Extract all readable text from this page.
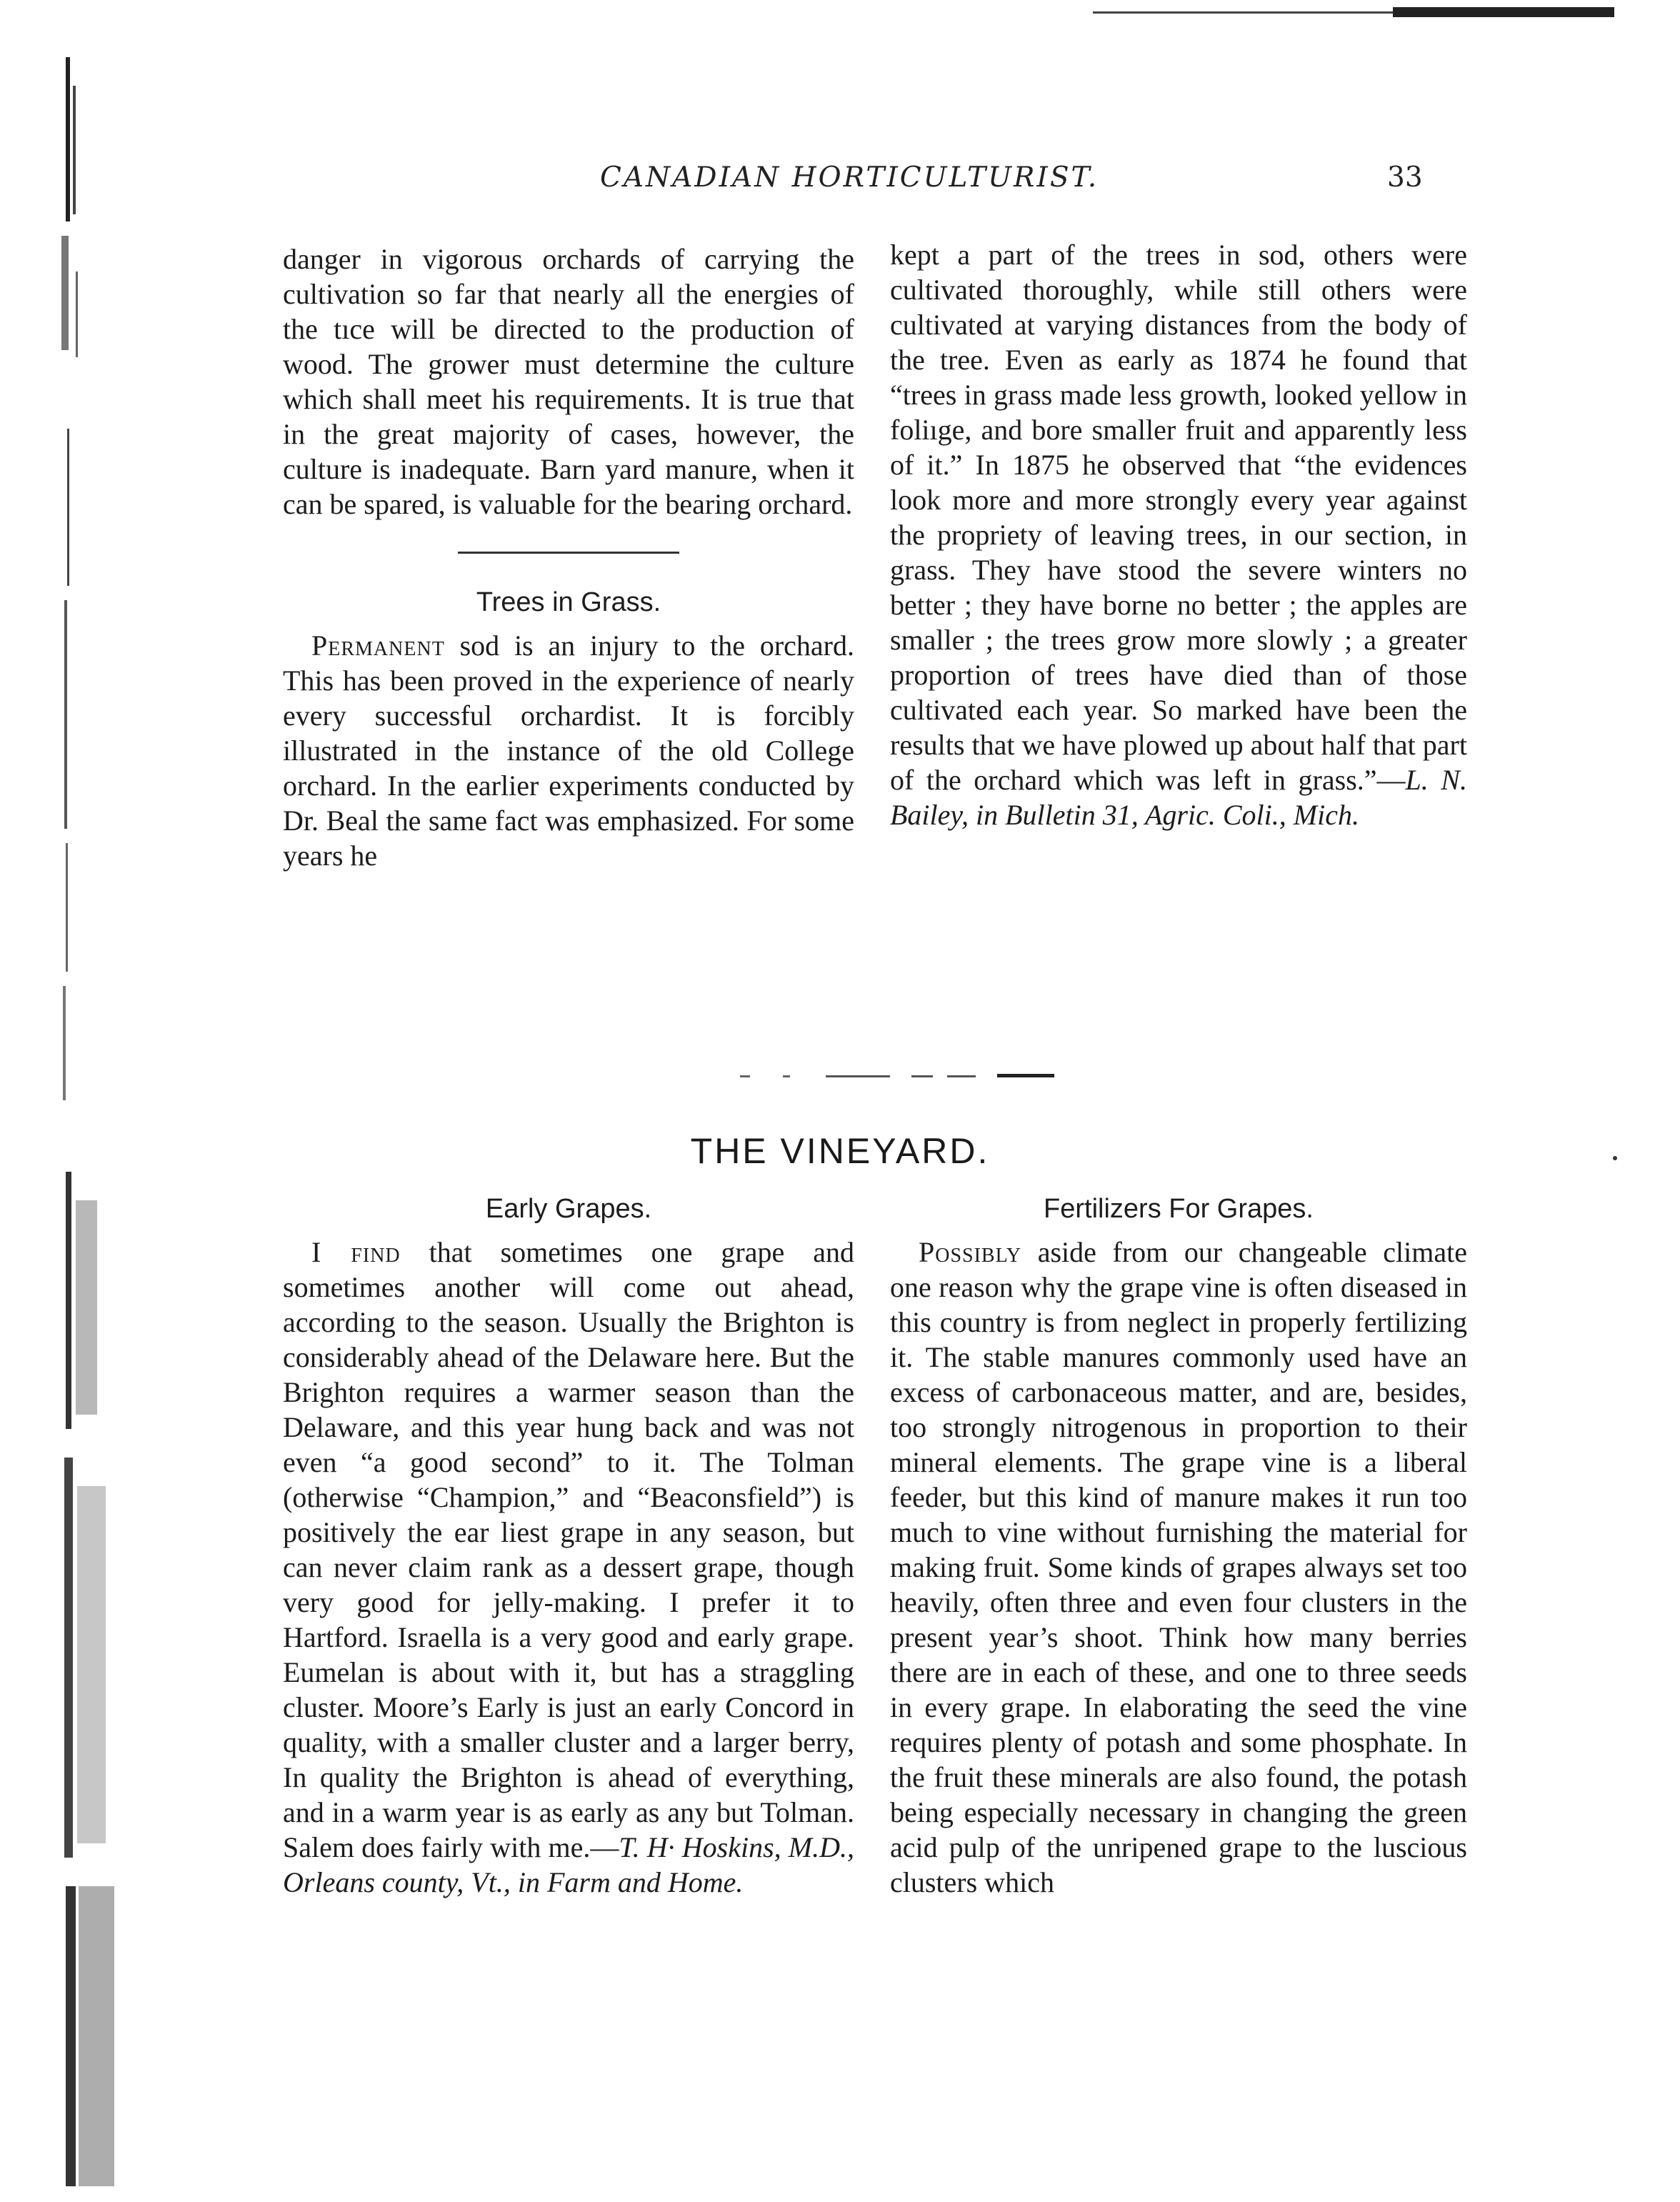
CANADIAN HORTICULTURIST.	33

danger in vigorous orchards of carrying the cultivation so far that nearly all the energies of the tıce will be directed to the production of wood. The grower must determine the culture which shall meet his requirements. It is true that in the great majority of cases, however, the culture is inadequate. Barn yard manure, when it can be spared, is valuable for the bearing orchard.

Trees in Grass.

Permanent sod is an injury to the orchard. This has been proved in the experience of nearly every successful orchardist. It is forcibly illustrated in the instance of the old College orchard. In the earlier experiments conducted by Dr. Beal the same fact was emphasized. For some years he

kept a part of the trees in sod, others were cultivated thoroughly, while still others were cultivated at varying distances from the body of the tree. Even as early as 1874 he found that “trees in grass made less growth, looked yellow in foliıge, and bore smaller fruit and apparently less of it.” In 1875 he observed that “the evidences look more and more strongly every year against the propriety of leaving trees, in our section, in grass. They have stood the severe winters no better ; they have borne no better ; the apples are smaller ; the trees grow more slowly ; a greater proportion of trees have died than of those cultivated each year. So marked have been the results that we have plowed up about half that part of the orchard which was left in grass.”—L. N. Bailey, in Bulletin 31, Agric. Coli., Mich.

THE VINEYARD.
Early Grapes.

I find that sometimes one grape and sometimes another will come out ahead, according to the season. Usually the Brighton is considerably ahead of the Delaware here. But the Brighton requires a warmer season than the Delaware, and this year hung back and was not even “a good second” to it. The Tolman (otherwise “Champion,” and “Beaconsfield”) is positively the ear liest grape in any season, but can never claim rank as a dessert grape, though very good for jelly-making. I prefer it to Hartford. Israella is a very good and early grape. Eumelan is about with it, but has a straggling cluster. Moore’s Early is just an early Concord in quality, with a smaller cluster and a larger berry, In quality the Brighton is ahead of everything, and in a warm year is as early as any but Tolman. Salem does fairly with me.—T. H· Hoskins, M.D., Orleans county, Vt., in Farm and Home.

Fertilizers For Grapes.

Possibly aside from our changeable climate one reason why the grape vine is often diseased in this country is from neglect in properly fertilizing it. The stable manures commonly used have an excess of carbonaceous matter, and are, besides, too strongly nitrogenous in proportion to their mineral elements. The grape vine is a liberal feeder, but this kind of manure makes it run too much to vine without furnishing the material for making fruit. Some kinds of grapes always set too heavily, often three and even four clusters in the present year’s shoot. Think how many berries there are in each of these, and one to three seeds in every grape. In elaborating the seed the vine requires plenty of potash and some phosphate. In the fruit these minerals are also found, the potash being especially necessary in changing the green acid pulp of the unripened grape to the luscious clusters which
